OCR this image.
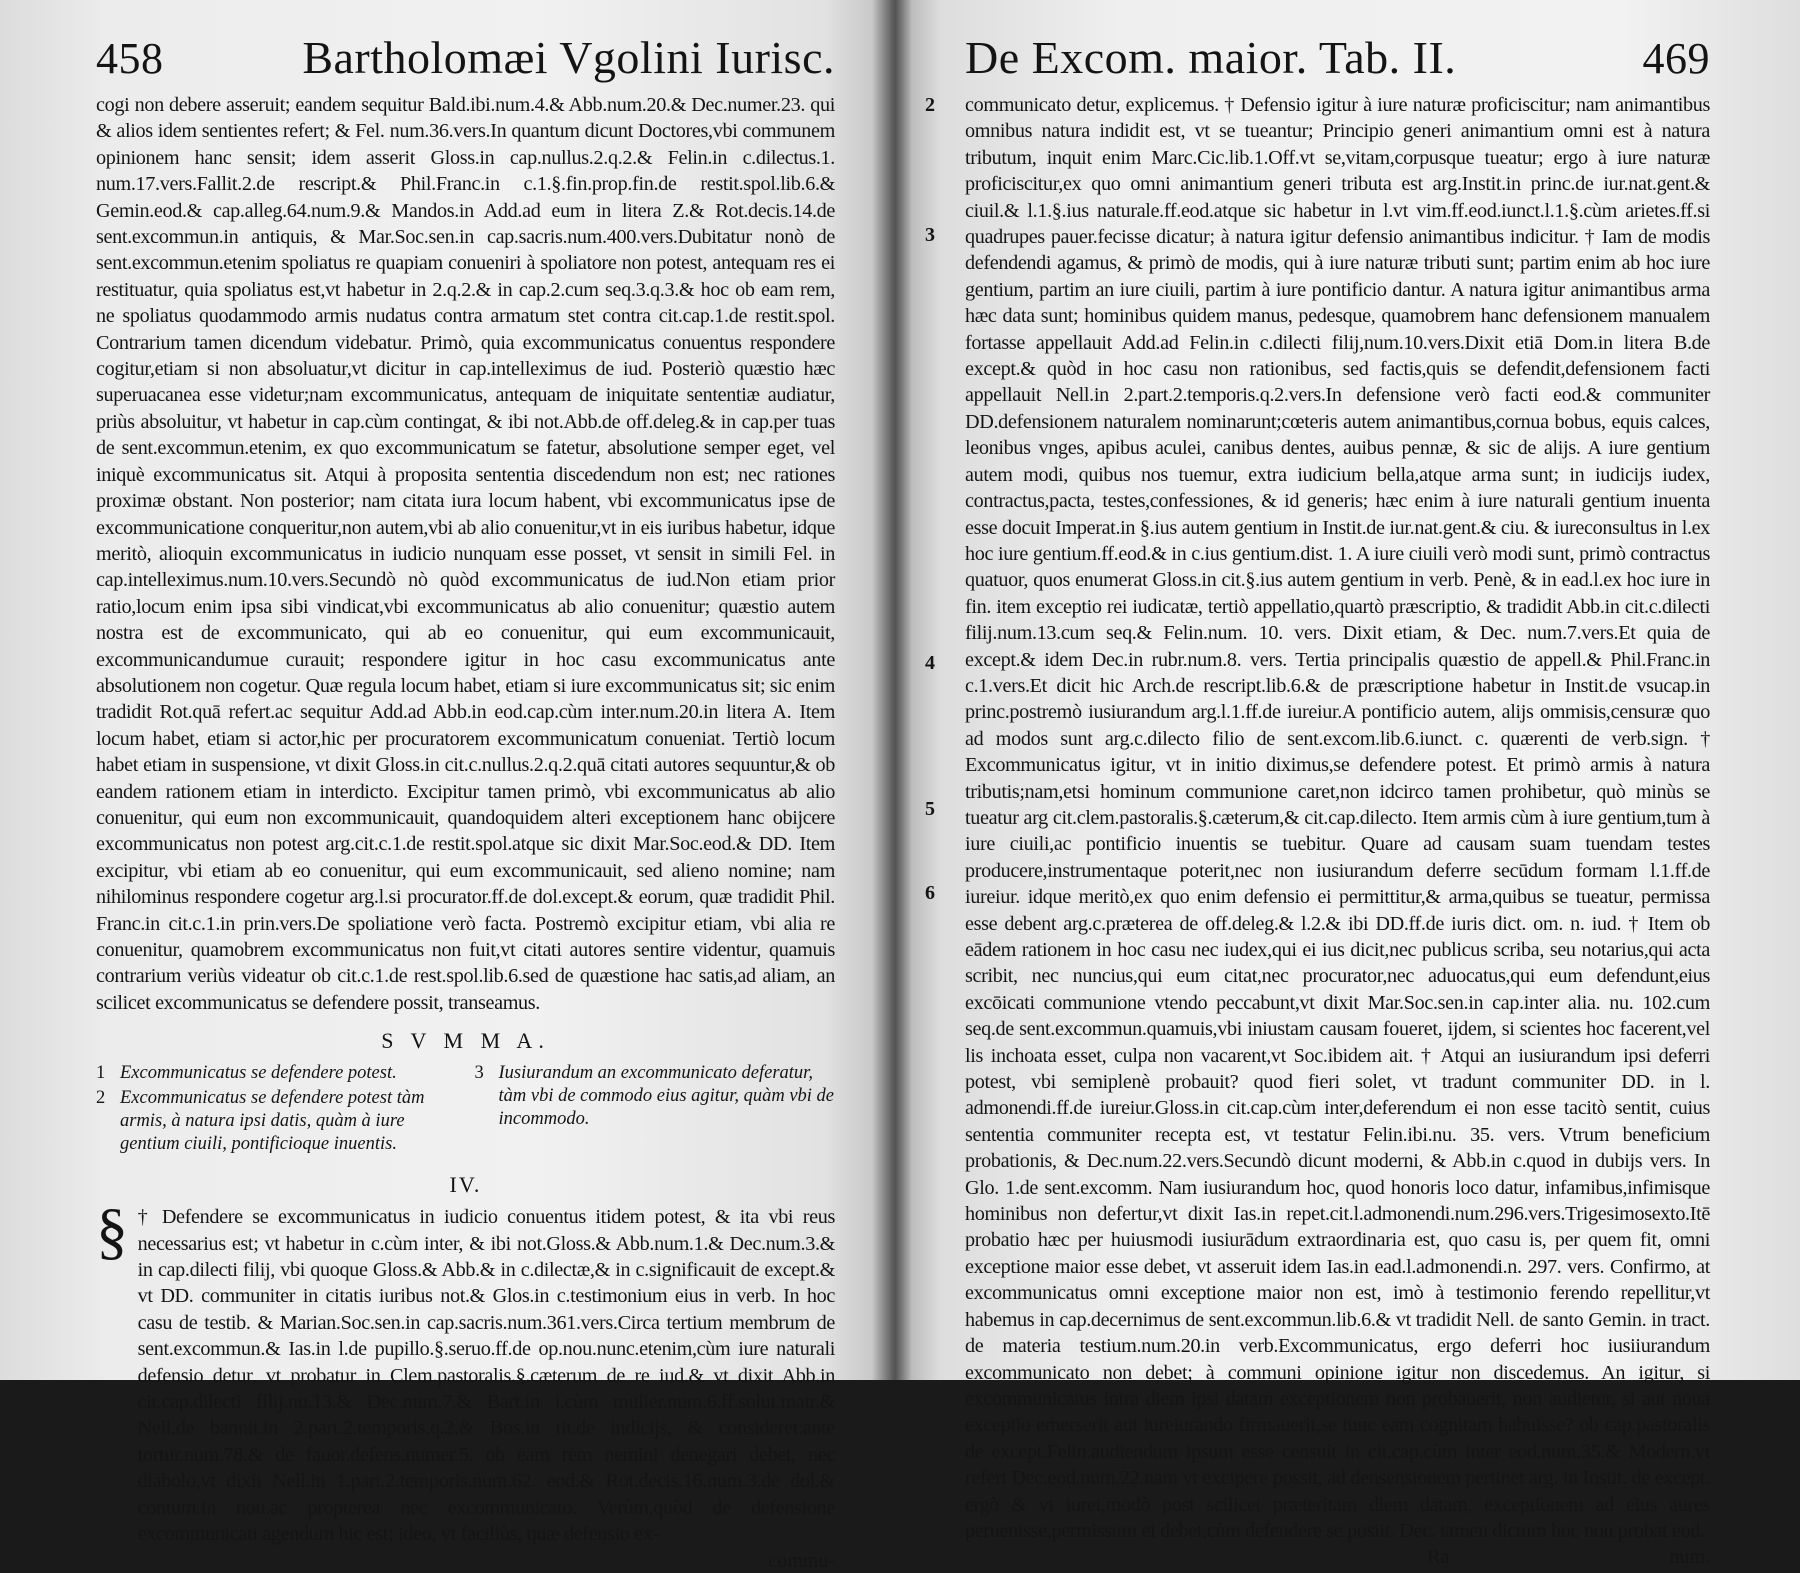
458	Bartholomæi Vgolini Iurisc.

cogi non debere asseruit; eandem sequitur Bald.ibi.num.4.& Abb.num.20.& Dec.numer.23. qui & alios idem sentientes refert; & Fel. num.36.vers.In quantum dicunt Doctores,vbi communem opinionem hanc sensit; idem asserit Gloss.in cap.nullus.2.q.2.& Felin.in c.dilectus.1. num.17.vers.Fallit.2.de rescript.& Phil.Franc.in c.1.§.fin.prop.fin.de restit.spol.lib.6.& Gemin.eod.& cap.alleg.64.num.9.& Mandos.in Add.ad eum in litera Z.& Rot.decis.14.de sent.excommun.in antiquis, & Mar.Soc.sen.in cap.sacris.num.400.vers.Dubitatur nonò de sent.excommun.etenim spoliatus re quapiam conueniri à spoliatore non potest, antequam res ei restituatur, quia spoliatus est,vt habetur in 2.q.2.& in cap.2.cum seq.3.q.3.& hoc ob eam rem, ne spoliatus quodammodo armis nudatus contra armatum stet contra cit.cap.1.de restit.spol. Contrarium tamen dicendum videbatur. Primò, quia excommunicatus conuentus respondere cogitur,etiam si non absoluatur,vt dicitur in cap.intelleximus de iud. Posteriò quæstio hæc superuacanea esse videtur;nam excommunicatus, antequam de iniquitate sententiæ audiatur, priùs absoluitur, vt habetur in cap.cùm contingat, & ibi not.Abb.de off.deleg.& in cap.per tuas de sent.excommun.etenim, ex quo excommunicatum se fatetur, absolutione semper eget, vel iniquè excommunicatus sit. Atqui à proposita sententia discedendum non est; nec rationes proximæ obstant. Non posterior; nam citata iura locum habent, vbi excommunicatus ipse de excommunicatione conqueritur,non autem,vbi ab alio conuenitur,vt in eis iuribus habetur, idque meritò, alioquin excommunicatus in iudicio nunquam esse posset, vt sensit in simili Fel. in cap.intelleximus.num.10.vers.Secundò nò quòd excommunicatus de iud.Non etiam prior ratio,locum enim ipsa sibi vindicat,vbi excommunicatus ab alio conuenitur; quæstio autem nostra est de excommunicato, qui ab eo conuenitur, qui eum excommunicauit, excommunicandumue curauit; respondere igitur in hoc casu excommunicatus ante absolutionem non cogetur. Quæ regula locum habet, etiam si iure excommunicatus sit; sic enim tradidit Rot.quā refert.ac sequitur Add.ad Abb.in eod.cap.cùm inter.num.20.in litera A. Item locum habet, etiam si actor,hic per procuratorem excommunicatum conueniat. Tertiò locum habet etiam in suspensione, vt dixit Gloss.in cit.c.nullus.2.q.2.quā citati autores sequuntur,& ob eandem rationem etiam in interdicto. Excipitur tamen primò, vbi excommunicatus ab alio conuenitur, qui eum non excommunicauit, quandoquidem alteri exceptionem hanc obijcere excommunicatus non potest arg.cit.c.1.de restit.spol.atque sic dixit Mar.Soc.eod.& DD. Item excipitur, vbi etiam ab eo conuenitur, qui eum excommunicauit, sed alieno nomine; nam nihilominus respondere cogetur arg.l.si procurator.ff.de dol.except.& eorum, quæ tradidit Phil. Franc.in cit.c.1.in prin.vers.De spoliatione verò facta. Postremò excipitur etiam, vbi alia re conuenitur, quamobrem excommunicatus non fuit,vt citati autores sentire videntur, quamuis contrarium veriùs videatur ob cit.c.1.de rest.spol.lib.6.sed de quæstione hac satis,ad aliam, an scilicet excommunicatus se defendere possit, transeamus.

S V M M A.
1 Excommunicatus se defendere potest.
2 Excommunicatus se defendere potest tàm armis, à natura ipsi datis, quàm à iure gentium ciuili, pontificioque inuentis.
3 Iusiurandum an excommunicato deferatur, tàm vbi de commodo eius agitur, quàm vbi de incommodo.
IV.
§ † Defendere se excommunicatus in iudicio conuentus itidem potest, & ita vbi reus necessarius est; vt habetur in c.cùm inter, & ibi not.Gloss.& Abb.num.1.& Dec.num.3.& in cap.dilecti filij, vbi quoque Gloss.& Abb.& in c.dilectæ,& in c.significauit de except.& vt DD. communiter in citatis iuribus not.& Glos.in c.testimonium eius in verb. In hoc casu de testib. & Marian.Soc.sen.in cap.sacris.num.361.vers.Circa tertium membrum de sent.excommun.& Ias.in l.de pupillo.§.seruo.ff.de op.nou.nunc.etenim,cùm iure naturali defensio detur, vt probatur in Clem.pastoralis.§.cæterum de re iud.& vt dixit Abb.in cit.cap.dilecti filij.nu.13.& Dec.num.7.& Bart.in l.cùm mulier.num.6.ff.solut.matr.& Nell.de bannit.in 2.part.2.temporis.q.2.& Bos.in tit.de indicijs, & consideret.ante tortur.num.78.& de fauor.defens.numer.5. ob eam rem nemini denegari debet, nec diabolo,vt dixit Nell.in 1.part.2.temporis.num.62. eod.& Rot.decis.16.num.3.de dol.& contum.in nou.ac propterea nec excommunicato. Verùm,quòd de defensione excommunicati agendum hic est; ideo, vt faciliùs, quæ defensio ex-

commu-
De Excom. maior. Tab. II.	469

communicato detur, explicemus. † Defensio igitur à iure naturæ proficiscitur; nam animantibus omnibus natura indidit est, vt se tueantur; Principio generi animantium omni est à natura tributum, inquit enim Marc.Cic.lib.1.Off.vt se,vitam,corpusque tueatur; ergo à iure naturæ proficiscitur,ex quo omni animantium generi tributa est arg.Instit.in princ.de iur.nat.gent.& ciuil.& l.1.§.ius naturale.ff.eod.atque sic habetur in l.vt vim.ff.eod.iunct.l.1.§.cùm arietes.ff.si quadrupes pauer.fecisse dicatur; à natura igitur defensio animantibus indicitur. † Iam de modis defendendi agamus, & primò de modis, qui à iure naturæ tributi sunt; partim enim ab hoc iure gentium, partim an iure ciuili, partim à iure pontificio dantur. A natura igitur animantibus arma hæc data sunt; hominibus quidem manus, pedesque, quamobrem hanc defensionem manualem fortasse appellauit Add.ad Felin.in c.dilecti filij,num.10.vers.Dixit etiā Dom.in litera B.de except.& quòd in hoc casu non rationibus, sed factis,quis se defendit,defensionem facti appellauit Nell.in 2.part.2.temporis.q.2.vers.In defensione verò facti eod.& communiter DD.defensionem naturalem nominarunt;cœteris autem animantibus,cornua bobus, equis calces, leonibus vnges, apibus aculei, canibus dentes, auibus pennæ, & sic de alijs. A iure gentium autem modi, quibus nos tuemur, extra iudicium bella,atque arma sunt; in iudicijs iudex, contractus,pacta, testes,confessiones, & id generis; hæc enim à iure naturali gentium inuenta esse docuit Imperat.in §.ius autem gentium in Instit.de iur.nat.gent.& ciu. & iureconsultus in l.ex hoc iure gentium.ff.eod.& in c.ius gentium.dist. 1. A iure ciuili verò modi sunt, primò contractus quatuor, quos enumerat Gloss.in cit.§.ius autem gentium in verb. Penè, & in ead.l.ex hoc iure in fin. item exceptio rei iudicatæ, tertiò appellatio,quartò præscriptio, & tradidit Abb.in cit.c.dilecti filij.num.13.cum seq.& Felin.num. 10. vers. Dixit etiam, & Dec. num.7.vers.Et quia de except.& idem Dec.in rubr.num.8. vers. Tertia principalis quæstio de appell.& Phil.Franc.in c.1.vers.Et dicit hic Arch.de rescript.lib.6.& de præscriptione habetur in Instit.de vsucap.in princ.postremò iusiurandum arg.l.1.ff.de iureiur.A pontificio autem, alijs ommisis,censuræ quo ad modos sunt arg.c.dilecto filio de sent.excom.lib.6.iunct. c. quærenti de verb.sign. † Excommunicatus igitur, vt in initio diximus,se defendere potest. Et primò armis à natura tributis;nam,etsi hominum communione caret,non idcirco tamen prohibetur, quò minùs se tueatur arg cit.clem.pastoralis.§.cæterum,& cit.cap.dilecto. Item armis cùm à iure gentium,tum à iure ciuili,ac pontificio inuentis se tuebitur. Quare ad causam suam tuendam testes producere,instrumentaque poterit,nec non iusiurandum deferre secūdum formam l.1.ff.de iureiur. idque meritò,ex quo enim defensio ei permittitur,& arma,quibus se tueatur, permissa esse debent arg.c.præterea de off.deleg.& l.2.& ibi DD.ff.de iuris dict. om. n. iud. † Item ob eādem rationem in hoc casu nec iudex,qui ei ius dicit,nec publicus scriba, seu notarius,qui acta scribit, nec nuncius,qui eum citat,nec procurator,nec aduocatus,qui eum defendunt,eius excōicati communione vtendo peccabunt,vt dixit Mar.Soc.sen.in cap.inter alia. nu. 102.cum seq.de sent.excommun.quamuis,vbi iniustam causam foueret, ijdem, si scientes hoc facerent,vel lis inchoata esset, culpa non vacarent,vt Soc.ibidem ait. † Atqui an iusiurandum ipsi deferri potest, vbi semiplenè probauit? quod fieri solet, vt tradunt communiter DD. in l. admonendi.ff.de iureiur.Gloss.in cit.cap.cùm inter,deferendum ei non esse tacitò sentit, cuius sententia communiter recepta est, vt testatur Felin.ibi.nu. 35. vers. Vtrum beneficium probationis, & Dec.num.22.vers.Secundò dicunt moderni, & Abb.in c.quod in dubijs vers. In Glo. 1.de sent.excomm. Nam iusiurandum hoc, quod honoris loco datur, infamibus,infimisque hominibus non defertur,vt dixit Ias.in repet.cit.l.admonendi.num.296.vers.Trigesimosexto.Itē probatio hæc per huiusmodi iusiurādum extraordinaria est, quo casu is, per quem fit, omni exceptione maior esse debet, vt asseruit idem Ias.in ead.l.admonendi.n. 297. vers. Confirmo, at excommunicatus omni exceptione maior non est, imò à testimonio ferendo repellitur,vt habemus in cap.decernimus de sent.excommun.lib.6.& vt tradidit Nell. de santo Gemin. in tract. de materia testium.num.20.in verb.Excommunicatus, ergo deferri hoc iusiiurandum excommunicato non debet; à communi opinione igitur non discedemus. An igitur, si excommunicatus intra diem ipsi datam exceptionem non probauerit, non audietur, si aut noua exceptio emerserit aut iureiurando firmauerit,se tunc eam cognitam habuisse? ob cap.pastoralis de except.Felin.audiendum ipsum esse censuit in cit.cap.cùm inter eod.num.35.& Modern.vt refert Dec.eod.num.22.nam vt excipere possit, ad densensionem pertinet arg. in Instit. de except. ergò & vt iuret,modò post scilicet præteritam diem datam, exceptionem ad eius aures peruenisse,permissum ei debet,cùm defendere se posiit. Dec. tamen dictum hoc non probat eod.

Ra	num.
2
3
4
5
6
